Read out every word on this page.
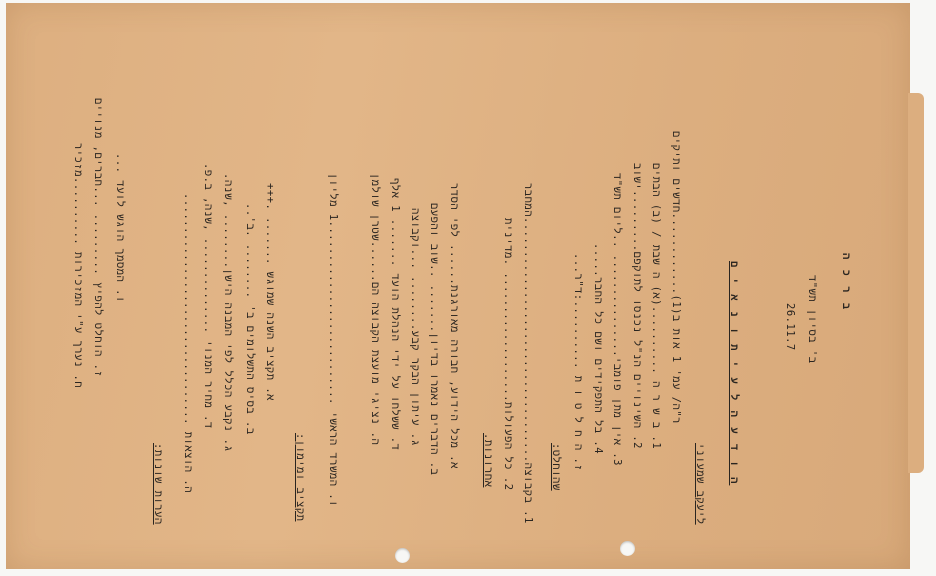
ב ר כ ה
ב' בסיון תש"ד
26.11.7
ה ו ד ע ה ל ע י ת ו נ א י ם
ליעקב שמעוני
ר"ה/ עמ' 1 אות ב(1)............חדשים ותיקים
1. ב ש ר ה ..........(א) ה שבת / (ב) הבתים
2. השינויים הנ"ל נכנסו לתוקפם.........ישוב
3. אין מתן פומבי............... ..ליום תש"ד
4. בל התפקידים ושם כל החבר.....
ז. ה ח ל ט ו ת ..........:ד"ר...
שהוחלט:
1. בקבוצה....................................המחבר
2. כל הפעולות................... .מדינית
אחרונות.
א. מכל הידוע, חבורה מאורגנת...... לפי הסדר
ב. הדברים נאמרו בדיון....... ..שוב והפעם
ג. עיתון הבקר קבע........ ...וקבוצה
ד. ששלחו על ידי הנהלת הועד ....... 1 אלף
ה. נציגי מועצת הקבוצה הם......שטרן שולמן
ו. המשרד הראשי ...........................1 מליון
תקציב ומימון:
א. תקציב השנה שמוגש ....... .+++
ב. בסיס התשלומים ב' ........ .ב'..
ג. נקבע הכלל לפי המבנה הישן........ ,שנה.
ד. מחיר המנוי .............. ,שנה, ב.פ.
ה. הוצאות ..................................
הערות שונות:
ו. המסמך הוגש לועד ...
ז. הוחלט להפיץ ......... ...חברים, מנויים
ח. נערך ע"י המזכירות ..........מזכיר
